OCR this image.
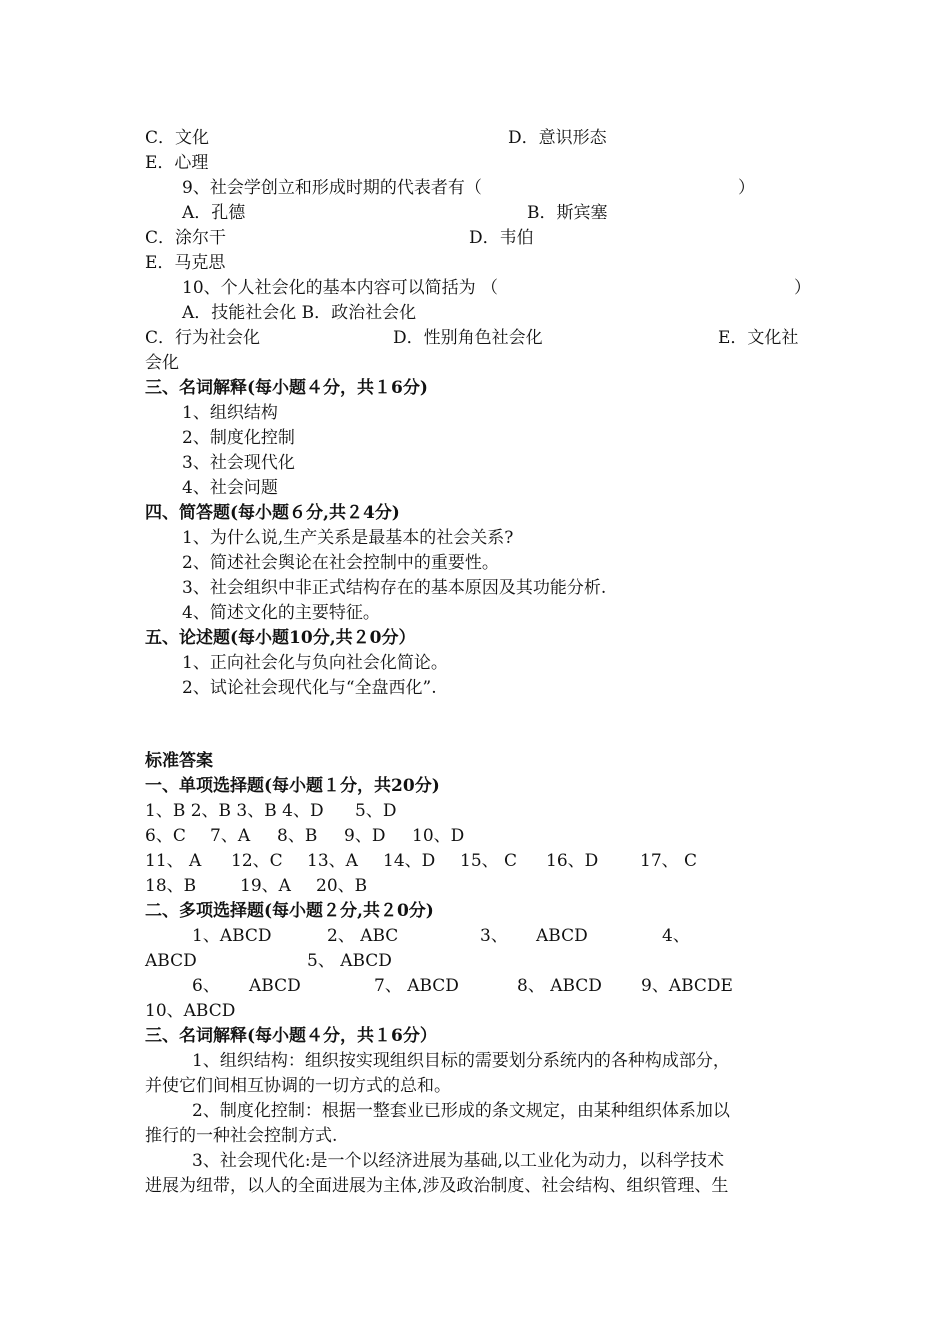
C．文化	D．意识形态
E．心理
9、社会学创立和形成时期的代表者有（	）
A．孔德	B．斯宾塞
C．涂尔干	D．韦伯
E．马克思
10、个人社会化的基本内容可以简括为 （	）
A．技能社会化 B．政治社会化
C．行为社会化	D．性别角色社会化	E．文化社
会化
三、名词解释(每小题４分，共１6分)
1、组织结构
2、制度化控制
3、社会现代化
4、社会问题
四、简答题(每小题６分,共２4分)
1、为什么说,生产关系是最基本的社会关系?
2、简述社会舆论在社会控制中的重要性。
3、社会组织中非正式结构存在的基本原因及其功能分析.
4、简述文化的主要特征。
五、论述题(每小题10分,共２0分）
1、正向社会化与负向社会化简论。
2、试论社会现代化与“全盘西化”.
标准答案
一、单项选择题(每小题１分，共20分)
1、B 2、B 3、B 4、D 5、D
6、C 7、A 8、B 9、D 10、D
11、 A 12、C 13、A 14、D 15、 C 16、D 17、 C
18、B	19、A 20、B
二、多项选择题(每小题２分,共２0分)
1、ABCD	2、 ABC	3、 ABCD	4、
ABCD	5、 ABCD
6、 ABCD	7、 ABCD	8、 ABCD 9、ABCDE
10、ABCD
三、名词解释(每小题４分，共１6分）
1、组织结构：组织按实现组织目标的需要划分系统内的各种构成部分，
并使它们间相互协调的一切方式的总和。
2、制度化控制：根据一整套业已形成的条文规定，由某种组织体系加以
推行的一种社会控制方式.
3、社会现代化:是一个以经济进展为基础,以工业化为动力，以科学技术
进展为纽带，以人的全面进展为主体,涉及政治制度、社会结构、组织管理、生
